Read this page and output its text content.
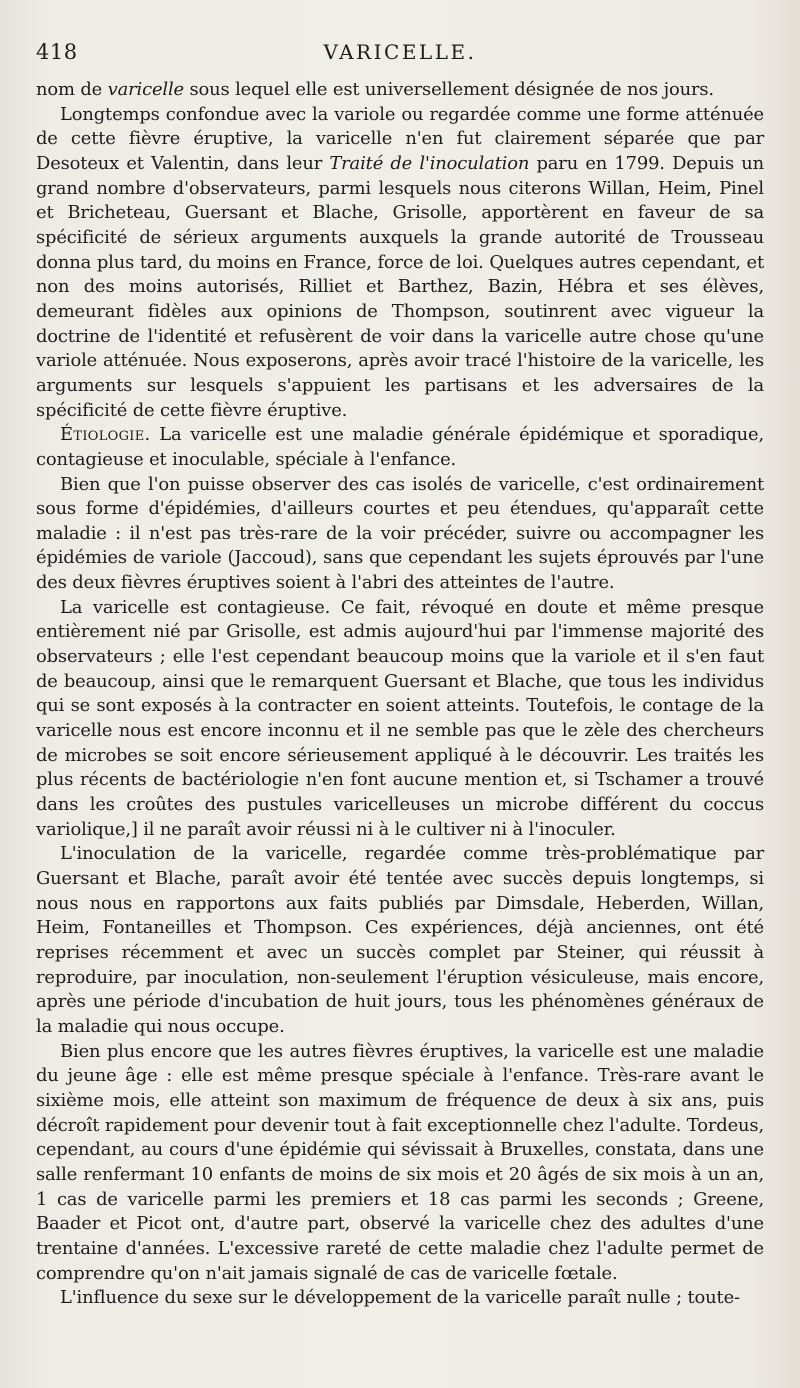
418	VARICELLE.

nom de varicelle sous lequel elle est universellement désignée de nos jours.

Longtemps confondue avec la variole ou regardée comme une forme atténuée de cette fièvre éruptive, la varicelle n'en fut clairement séparée que par Desoteux et Valentin, dans leur Traité de l'inoculation paru en 1799. Depuis un grand nombre d'observateurs, parmi lesquels nous citerons Willan, Heim, Pinel et Bricheteau, Guersant et Blache, Grisolle, apportèrent en faveur de sa spécificité de sérieux arguments auxquels la grande autorité de Trousseau donna plus tard, du moins en France, force de loi. Quelques autres cependant, et non des moins autorisés, Rilliet et Barthez, Bazin, Hébra et ses élèves, demeurant fidèles aux opinions de Thompson, soutinrent avec vigueur la doctrine de l'identité et refusèrent de voir dans la varicelle autre chose qu'une variole atténuée. Nous exposerons, après avoir tracé l'histoire de la varicelle, les arguments sur lesquels s'appuient les partisans et les adversaires de la spécificité de cette fièvre éruptive.

Étiologie. La varicelle est une maladie générale épidémique et sporadique, contagieuse et inoculable, spéciale à l'enfance.

Bien que l'on puisse observer des cas isolés de varicelle, c'est ordinairement sous forme d'épidémies, d'ailleurs courtes et peu étendues, qu'apparaît cette maladie : il n'est pas très-rare de la voir précéder, suivre ou accompagner les épidémies de variole (Jaccoud), sans que cependant les sujets éprouvés par l'une des deux fièvres éruptives soient à l'abri des atteintes de l'autre.

La varicelle est contagieuse. Ce fait, révoqué en doute et même presque entièrement nié par Grisolle, est admis aujourd'hui par l'immense majorité des observateurs ; elle l'est cependant beaucoup moins que la variole et il s'en faut de beaucoup, ainsi que le remarquent Guersant et Blache, que tous les individus qui se sont exposés à la contracter en soient atteints. Toutefois, le contage de la varicelle nous est encore inconnu et il ne semble pas que le zèle des chercheurs de microbes se soit encore sérieusement appliqué à le découvrir. Les traités les plus récents de bactériologie n'en font aucune mention et, si Tschamer a trouvé dans les croûtes des pustules varicelleuses un microbe différent du coccus variolique,] il ne paraît avoir réussi ni à le cultiver ni à l'inoculer.

L'inoculation de la varicelle, regardée comme très-problématique par Guersant et Blache, paraît avoir été tentée avec succès depuis longtemps, si nous nous en rapportons aux faits publiés par Dimsdale, Heberden, Willan, Heim, Fontaneilles et Thompson. Ces expériences, déjà anciennes, ont été reprises récemment et avec un succès complet par Steiner, qui réussit à reproduire, par inoculation, non-seulement l'éruption vésiculeuse, mais encore, après une période d'incubation de huit jours, tous les phénomènes généraux de la maladie qui nous occupe.

Bien plus encore que les autres fièvres éruptives, la varicelle est une maladie du jeune âge : elle est même presque spéciale à l'enfance. Très-rare avant le sixième mois, elle atteint son maximum de fréquence de deux à six ans, puis décroît rapidement pour devenir tout à fait exceptionnelle chez l'adulte. Tordeus, cependant, au cours d'une épidémie qui sévissait à Bruxelles, constata, dans une salle renfermant 10 enfants de moins de six mois et 20 âgés de six mois à un an, 1 cas de varicelle parmi les premiers et 18 cas parmi les seconds ; Greene, Baader et Picot ont, d'autre part, observé la varicelle chez des adultes d'une trentaine d'années. L'excessive rareté de cette maladie chez l'adulte permet de comprendre qu'on n'ait jamais signalé de cas de varicelle fœtale.

L'influence du sexe sur le développement de la varicelle paraît nulle ; toute-
